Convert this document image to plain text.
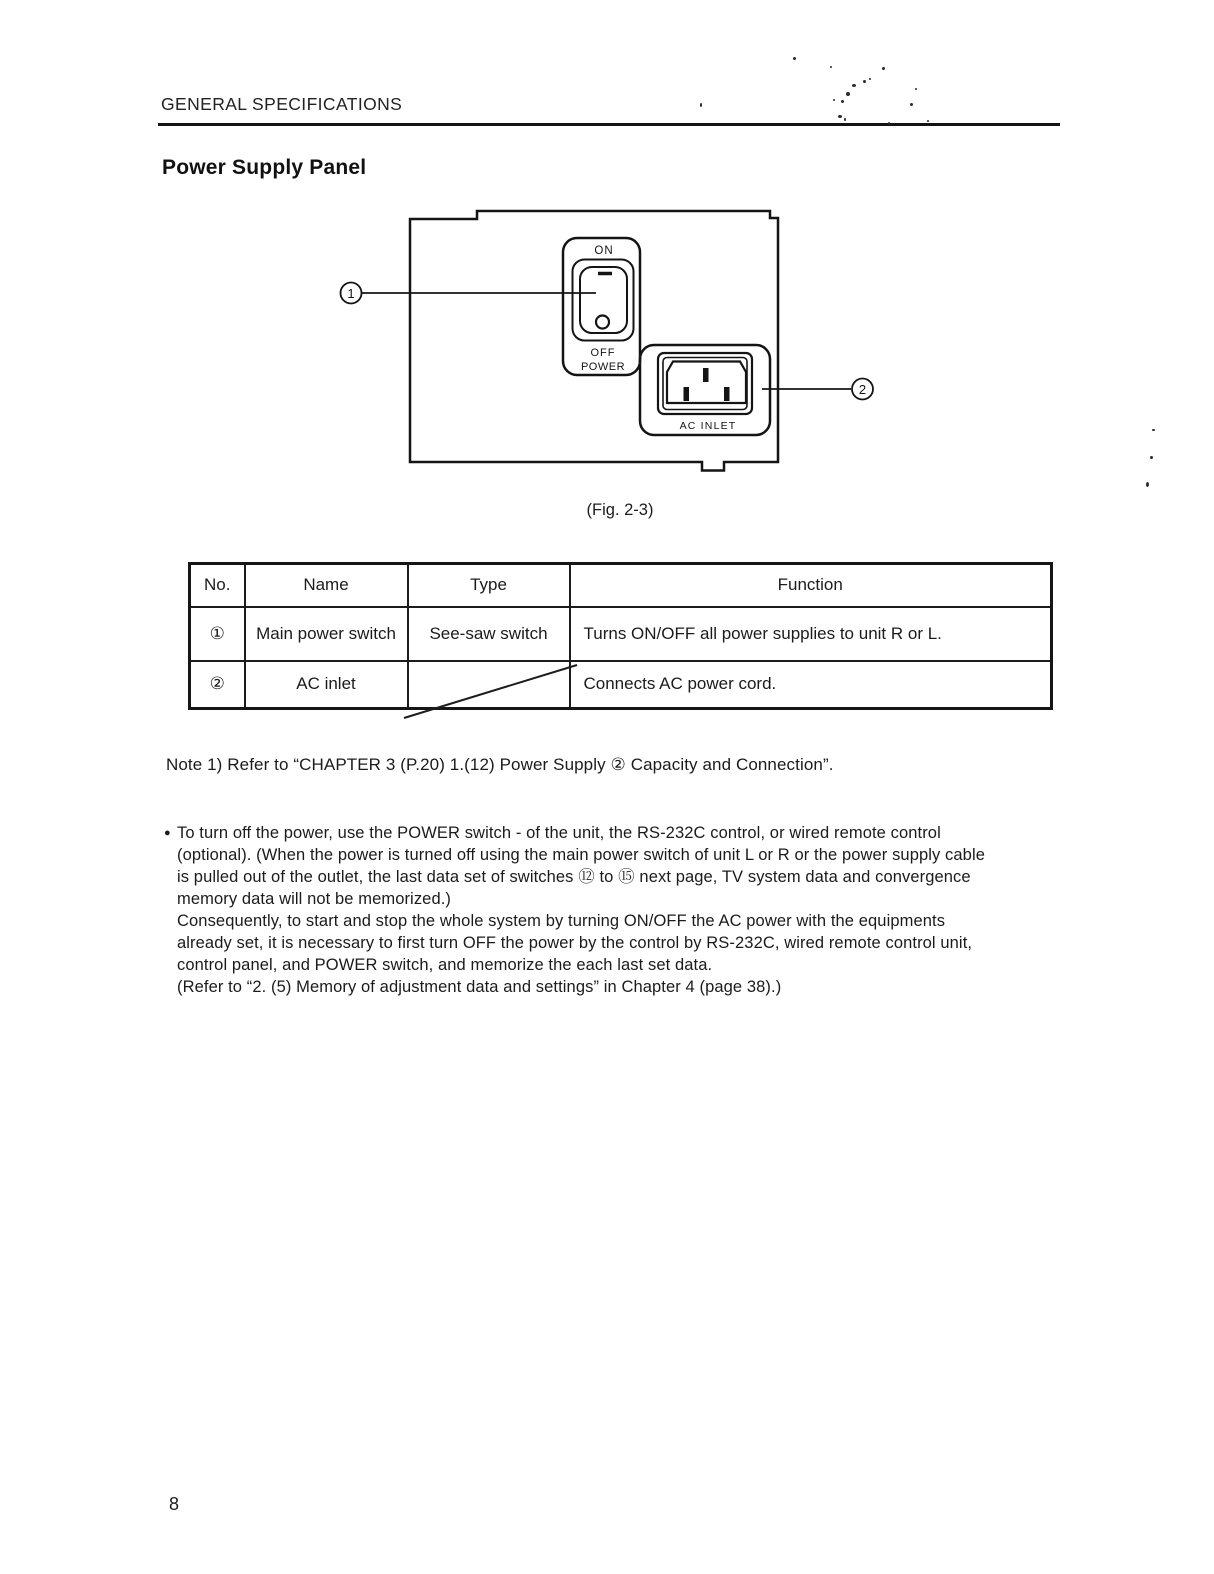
GENERAL SPECIFICATIONS
Power Supply Panel
ON
OFF
POWER
AC INLET
1
2
(Fig. 2-3)
No.	Name	Type	Function
①	Main power switch	See-saw switch	Turns ON/OFF all power supplies to unit R or L.
②	AC inlet		Connects AC power cord.
Note 1) Refer to “CHAPTER 3 (P.20) 1.(12) Power Supply ② Capacity and Connection”.
● To turn off the power, use the POWER switch - of the unit, the RS-232C control, or wired remote control
(optional). (When the power is turned off using the main power switch of unit L or R or the power supply cable
is pulled out of the outlet, the last data set of switches ⑫ to ⑮ next page, TV system data and convergence
memory data will not be memorized.)
Consequently, to start and stop the whole system by turning ON/OFF the AC power with the equipments
already set, it is necessary to first turn OFF the power by the control by RS-232C, wired remote control unit,
control panel, and POWER switch, and memorize the each last set data.
(Refer to “2. (5) Memory of adjustment data and settings” in Chapter 4 (page 38).)
8
